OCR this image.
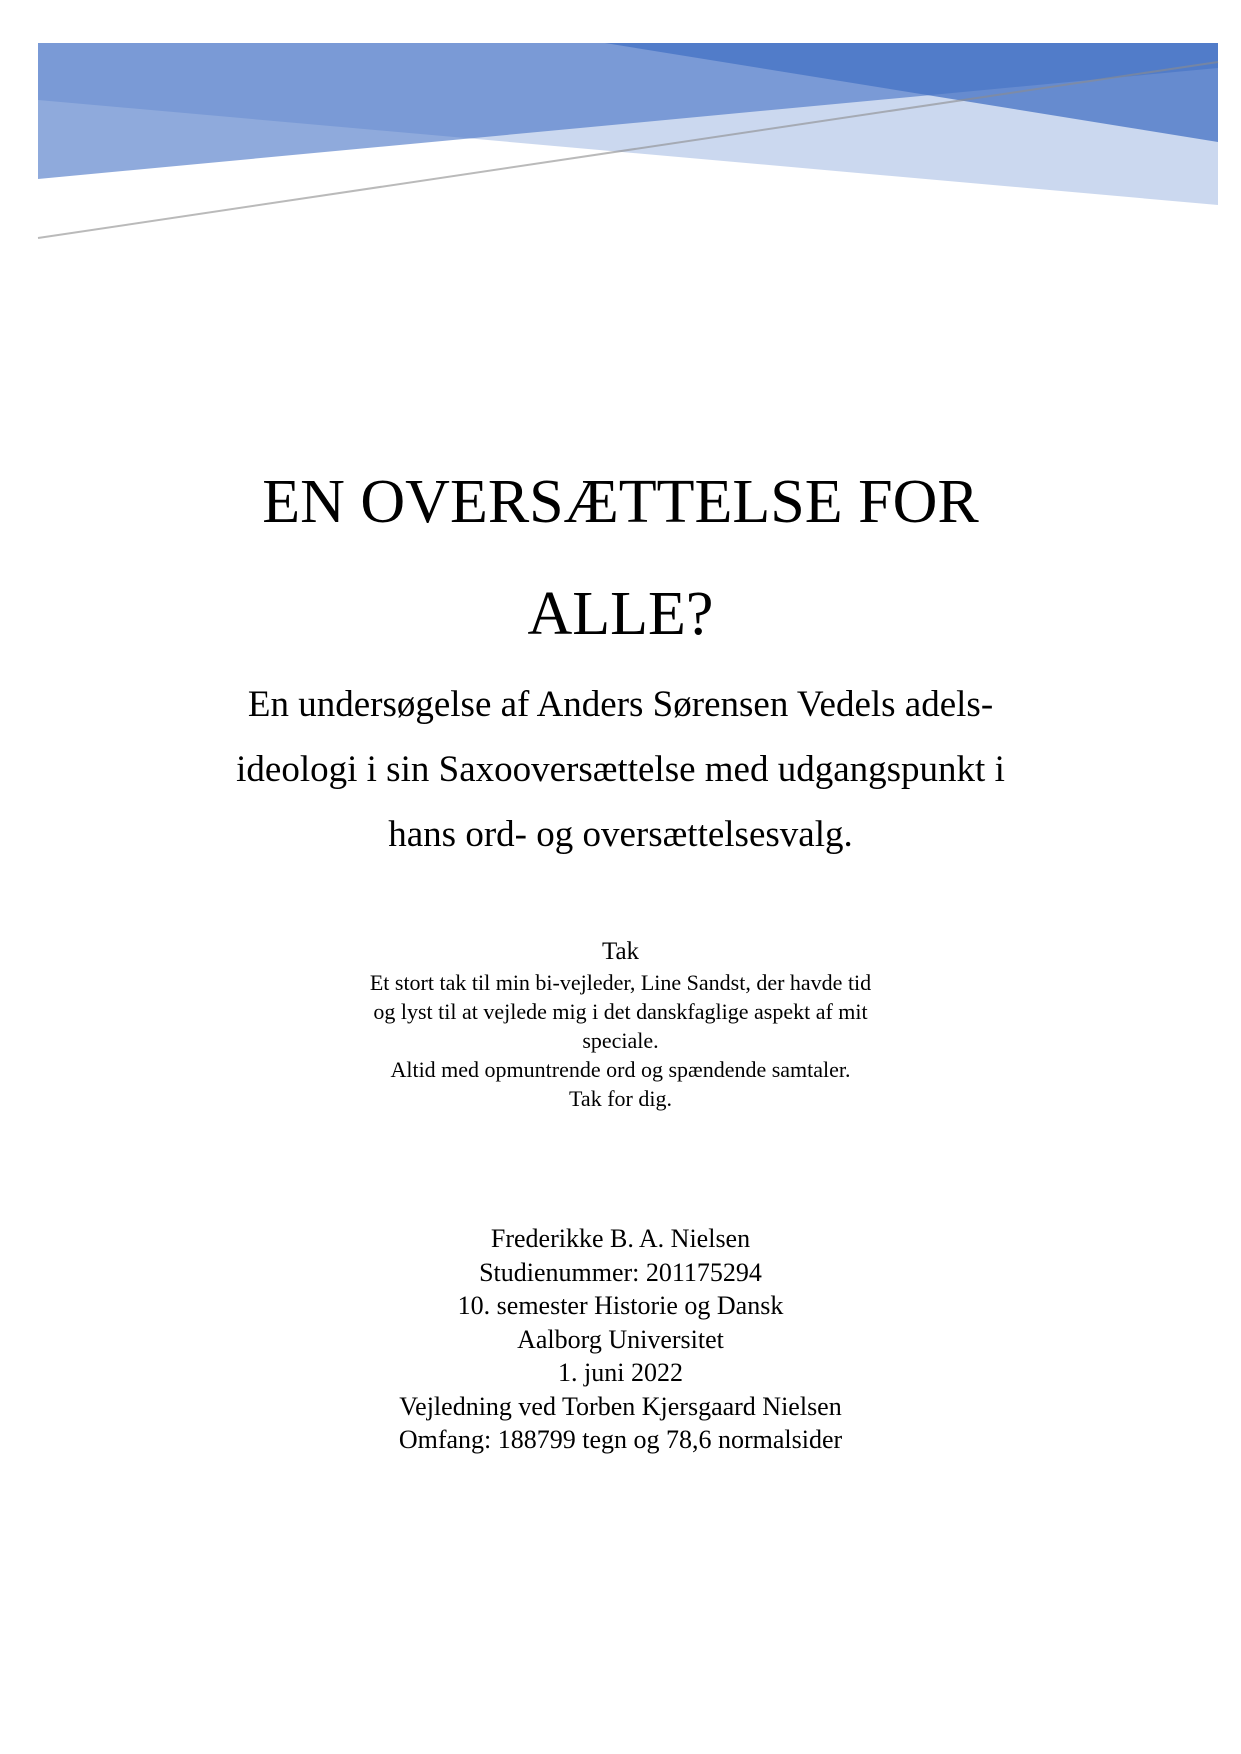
EN OVERSÆTTELSE FOR
ALLE?
En undersøgelse af Anders Sørensen Vedels adels-
ideologi i sin Saxooversættelse med udgangspunkt i
hans ord- og oversættelsesvalg.
Tak
Et stort tak til min bi-vejleder, Line Sandst, der havde tid
og lyst til at vejlede mig i det danskfaglige aspekt af mit
speciale.
Altid med opmuntrende ord og spændende samtaler.
Tak for dig.
Frederikke B. A. Nielsen
Studienummer: 201175294
10. semester Historie og Dansk
Aalborg Universitet
1. juni 2022
Vejledning ved Torben Kjersgaard Nielsen
Omfang: 188799 tegn og 78,6 normalsider
